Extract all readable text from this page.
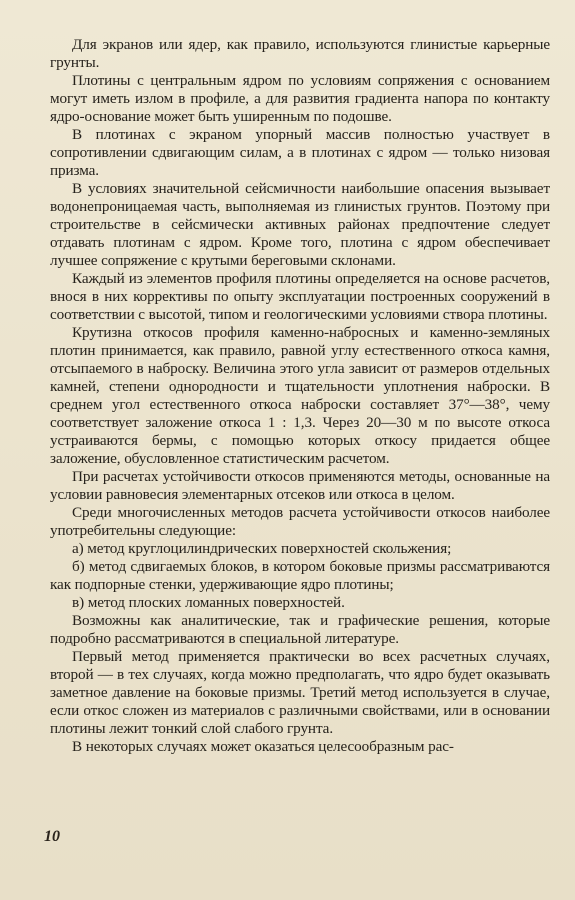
Для экранов или ядер, как правило, используются глинистые карьерные грунты.

Плотины с центральным ядром по условиям сопряжения с основанием могут иметь излом в профиле, а для развития градиента напора по контакту ядро-основание может быть уширенным по подошве.

В плотинах с экраном упорный массив полностью участвует в сопротивлении сдвигающим силам, а в плотинах с ядром — только низовая призма.

В условиях значительной сейсмичности наибольшие опасения вызывает водонепроницаемая часть, выполняемая из глинистых грунтов. Поэтому при строительстве в сейсмически активных районах предпочтение следует отдавать плотинам с ядром. Кроме того, плотина с ядром обеспечивает лучшее сопряжение с крутыми береговыми склонами.

Каждый из элементов профиля плотины определяется на основе расчетов, внося в них коррективы по опыту эксплуатации построенных сооружений в соответствии с высотой, типом и геологическими условиями створа плотины.

Крутизна откосов профиля каменно-набросных и каменно-земляных плотин принимается, как правило, равной углу естественного откоса камня, отсыпаемого в наброску. Величина этого угла зависит от размеров отдельных камней, степени однородности и тщательности уплотнения наброски. В среднем угол естественного откоса наброски составляет 37°—38°, чему соответствует заложение откоса 1 : 1,3. Через 20—30 м по высоте откоса устраиваются бермы, с помощью которых откосу придается общее заложение, обусловленное статистическим расчетом.

При расчетах устойчивости откосов применяются методы, основанные на условии равновесия элементарных отсеков или откоса в целом.

Среди многочисленных методов расчета устойчивости откосов наиболее употребительны следующие:

а) метод круглоцилиндрических поверхностей скольжения;

б) метод сдвигаемых блоков, в котором боковые призмы рассматриваются как подпорные стенки, удерживающие ядро плотины;

в) метод плоских ломанных поверхностей.

Возможны как аналитические, так и графические решения, которые подробно рассматриваются в специальной литературе.

Первый метод применяется практически во всех расчетных случаях, второй — в тех случаях, когда можно предполагать, что ядро будет оказывать заметное давление на боковые призмы. Третий метод используется в случае, если откос сложен из материалов с различными свойствами, или в основании плотины лежит тонкий слой слабого грунта.

В некоторых случаях может оказаться целесообразным рас-

10
